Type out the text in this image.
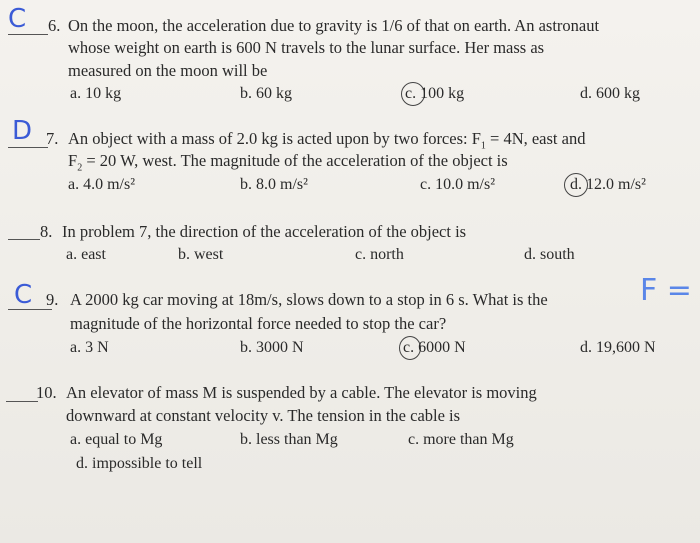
C 6. On the moon, the acceleration due to gravity is 1/6 of that on earth. An astronaut
whose weight on earth is 600 N travels to the lunar surface. Her mass as
measured on the moon will be
a. 10 kg	b. 60 kg	c. 100 kg	d. 600 kg
D 7. An object with a mass of 2.0 kg is acted upon by two forces: $F_1 = 4N$, east and
$F_2 = 20$ W, west. The magnitude of the acceleration of the object is
a. 4.0 m/s²	b. 8.0 m/s²	c. 10.0 m/s²	d. 12.0 m/s²
8. In problem 7, the direction of the acceleration of the object is
a. east	b. west	c. north	d. south
C 9. A 2000 kg car moving at 18m/s, slows down to a stop in 6 s. What is the
magnitude of the horizontal force needed to stop the car?
F =
a. 3 N	b. 3000 N	c. 6000 N	d. 19,600 N
10. An elevator of mass M is suspended by a cable. The elevator is moving
downward at constant velocity v. The tension in the cable is
a. equal to Mg	b. less than Mg	c. more than Mg
d. impossible to tell
